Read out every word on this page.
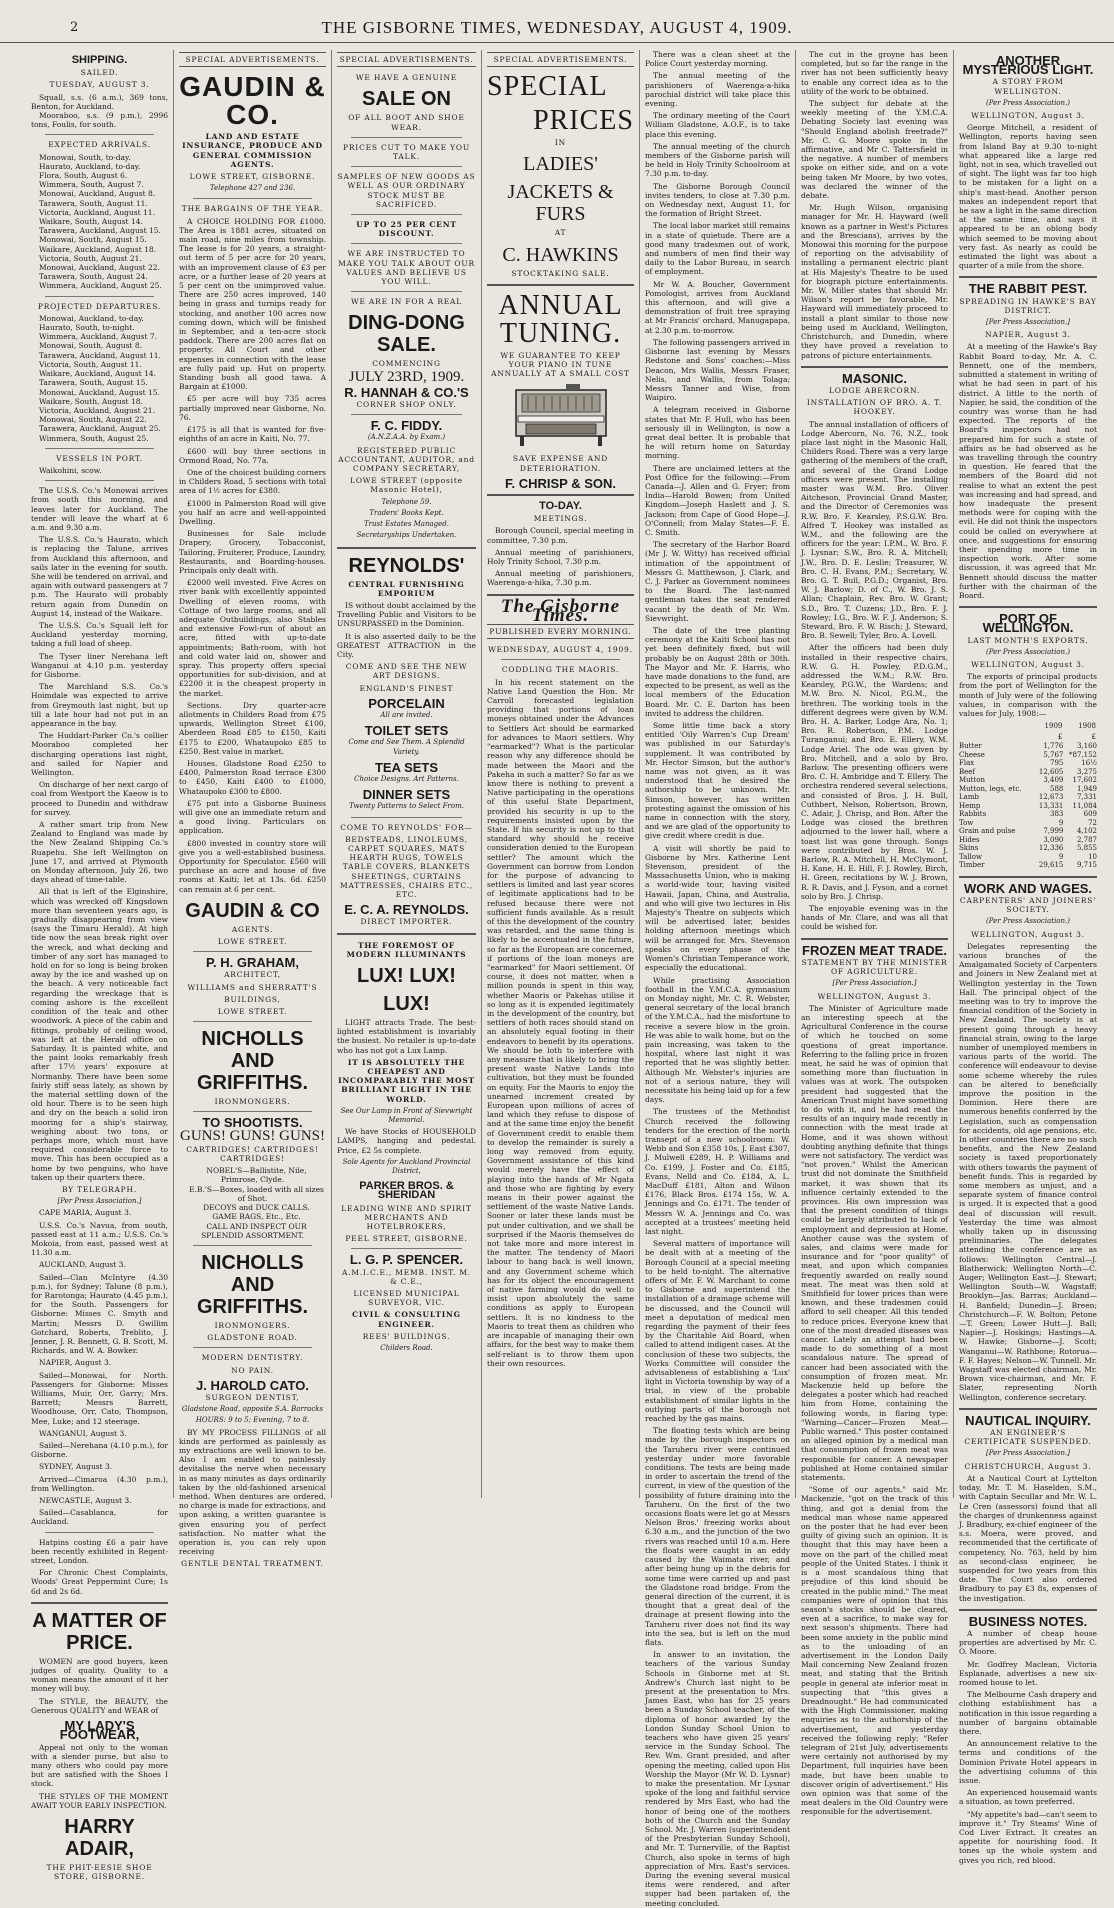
2	THE GISBORNE TIMES, WEDNESDAY, AUGUST 4, 1909.
SHIPPING.
SAILED.
TUESDAY, AUGUST 3.

Squall, s.s. (6 a.m.), 369 tons, Benton, for Auckland.

Mooraboo, s.s. (9 p.m.), 2996 tons, Foulis, for south.

EXPECTED ARRIVALS.

Monowai, South, to-day.

Haurato, Auckland, to-day.

Flora, South, August 6.

Wimmera, South, August 7.

Monowai, Auckland, August 8.

Tarawera, South, August 11.

Victoria, Auckland, August 11.

Waikare, South, August 14.

Tarawera, Auckland, August 15.

Monowai, South, August 15.

Waikare, Auckland, August 18.

Victoria, South, August 21.

Monowai, Auckland, August 22.

Tarawera, South, August 24.

Wimmera, Auckland, August 25.

PROJECTED DEPARTURES.

Monowai, Auckland, to-day.

Haurato, South, to-night.

Wimmera, Auckland, August 7.

Monowai, South, August 8.

Tarawera, Auckland, August 11.

Victoria, South, August 11.

Waikare, Auckland, August 14.

Tarawera, South, August 15.

Monowai, Auckland, August 15.

Waikare, South, August 18.

Victoria, Auckland, August 21.

Monowai, South, August 22.

Tarawera, Auckland, August 25.

Wimmera, South, August 25.

VESSELS IN PORT.

Waikohini, scow.

The U.S.S. Co.'s Monowai arrives from south this morning, and leaves later for Auckland. The tender will leave the wharf at 6 a.m. and 9.30 a.m.

The U.S.S. Co.'s Haurato, which is replacing the Talune, arrives from Auckland this afternoon, and sails later in the evening for south. She will be tendered on arrival, and again with outward passengers at 7 p.m. The Haurato will probably return again from Dunedin on August 14, instead of the Waikare.

The U.S.S. Co.'s Squall left for Auckland yesterday morning, taking a full load of sheep.

The Tyser liner Nerehana left Wanganui at 4.10 p.m. yesterday for Gisborne.

The Marchland S.S. Co.'s Hoimdale was expected to arrive from Greymouth last night, but up till a late hour had not put in an appearance in the bay.

The Huddart-Parker Co.'s collier Mooraboo completed her discharging operations last night, and sailed for Napier and Wellington.

On discharge of her next cargo of coal from Westport the Kaeow is to proceed to Dunedin and withdraw for survey.

A rather smart trip from New Zealand to England was made by the New Zealand Shipping Co.'s Ruapehu. She left Wellington on June 17, and arrived at Plymouth on Monday afternoon, July 26, two days ahead of time-table.

All that is left of the Elginshire, which was wrecked off Kingsdown more than seventeen years ago, is gradually disappearing from view (says the Timaru Herald). At high tide now the seas break right over the wreck, and what decking and timber of any sort has managed to hold on for so long is being broken away by the ice and washed up on the beach. A very noticeable fact regarding the wreckage that is coming ashore is the excellent condition of the teak and other woodwork. A piece of the cabin and fittings, probably of ceiling wood, was left at the Herald office on Saturday. It is painted white, and the paint looks remarkably fresh after 17½ years' exposure at Normanby. There have been some fairly stiff seas lately, as shown by the material settling down of the old hour. There is to be seen high and dry on the beach a solid iron mooring for a ship's stairway, weighing about two tons, or perhaps more, which must have required considerable force to move. This has been occupied as a home by two penguins, who have taken up their quarters there.

BY TELEGRAPH.
[Per Press Association.]

CAPE MARIA, August 3.

U.S.S. Co.'s Navua, from south, passed east at 11 a.m.; U.S.S. Co.'s Mokoia, from east, passed west at 11.30 a.m.

AUCKLAND, August 3.

Sailed—Clan McIntyre (4.30 p.m.), for Sydney; Talune (8 p.m.), for Rarotonga; Haurato (4.45 p.m.), for the South. Passengers for Gisborne: Misses C. Smyth and Martin; Messrs D. Gwillim Gotchard, Roberts, Treblito, J. Jenner, J. R. Bennett, G. B. Scott, M. Richards, and W. A. Bowker.

NAPIER, August 3.

Sailed—Monowai, for North. Passengers for Gisborne: Misses Williams, Muir, Orr, Garry; Mrs. Barrett; Messrs Barrett, Woodhouse, Orr, Cato, Thompson, Mee, Luke; and 12 steerage.

WANGANUI, August 3.

Sailed—Nerehana (4.10 p.m.), for Gisborne.

SYDNEY, August 3.

Arrived—Cimaroa (4.30 p.m.), from Wellington.

NEWCASTLE, August 3.

Sailed—Casablanca, for Auckland.

Hatpins costing £6 a pair have been recently exhibited in Regent-street, London.

For Chronic Chest Complaints, Woods' Great Peppermint Cure; 1s 6d and 2s 6d.

A MATTER OF PRICE.

WOMEN are good buyers, keen judges of quality. Quality to a woman means the amount of it her money will buy.

The STYLE, the BEAUTY, the Generous QUALITY and WEAR of

MY LADY'S FOOTWEAR,

Appeal not only to the woman with a slender purse, but also to many others who could pay more but are satisfied with the Shoes I stock.

THE STYLES OF THE MOMENT AWAIT YOUR EARLY INSPECTION.

HARRY ADAIR,
THE PHIT-EESIE SHOE STORE, GISBORNE.
SPECIAL ADVERTISEMENTS.
GAUDIN & CO.
LAND AND ESTATE INSURANCE, PRODUCE AND GENERAL COMMISSION AGENTS.
LOWE STREET, GISBORNE.
Telephone 427 and 236.
THE BARGAINS OF THE YEAR.

A CHOICE HOLDING FOR £1000. The Area is 1881 acres, situated on main road, nine miles from township. The lease is for 20 years, a straight-out term of 5 per acre for 20 years, with an improvement clause of £3 per acre, or a further lease of 20 years at 5 per cent on the unimproved value. There are 250 acres improved, 140 being in grass and turnips ready for stocking, and another 100 acres now coming down, which will be finished in September, and a ten-acre stock paddock. There are 200 acres flat on property. All Court and other expenses in connection with the lease are fully paid up. Hut on property. Standing bush all good tawa. A Bargain at £1000.

£5 per acre will buy 735 acres partially improved near Gisborne, No. 76.

£175 is all that is wanted for five-eighths of an acre in Kaiti, No. 77.

£600 will buy three sections in Ormond Road, No. 77a.

One of the choicest building corners in Childers Road, 5 sections with total area of 1½ acres for £380.

£1000 in Palmerston Road will give you half an acre and well-appointed Dwelling.

Businesses for Sale include Drapery, Grocery, Tobacconist, Tailoring, Fruiterer, Produce, Laundry, Restaurants, and Boarding-houses. Principals only dealt with.

£2000 well invested. Five Acres on river bank with excellently appointed Dwelling of eleven rooms, with Cottage of two large rooms, and all adequate Outbuildings, also Stables and extensive Fowl-run of about an acre, fitted with up-to-date appointments; Bath-room, with hot and cold water laid on, shower and spray. This property offers special opportunities for sub-division, and at £2200 it is the cheapest property in the market.

Sections. Dry quarter-acre allotments in Childers Road from £75 upwards, Wellington Street £100, Aberdeen Road £85 to £150, Kaiti £175 to £200, Whataupoko £85 to £250. Best value in market.

Houses. Gladstone Road £250 to £400, Palmerston Road terrace £300 to £450, Kaiti £400 to £1000, Whataupoko £300 to £800.

£75 put into a Gisborne Business will give one an immediate return and a good living. Particulars on application.

£800 invested in country store will give you a well-established business. Opportunity for Speculator. £560 will purchase an acre and house of five rooms at Kaiti; let at 13s. 6d. £250 can remain at 6 per cent.

GAUDIN & CO
AGENTS.
LOWE STREET.
P. H. GRAHAM,
ARCHITECT,
WILLIAMS and SHERRATT'S
BUILDINGS,
LOWE STREET.
NICHOLLS AND GRIFFITHS.
IRONMONGERS.
TO SHOOTISTS.
GUNS! GUNS! GUNS!
CARTRIDGES! CARTRIDGES! CARTRIDGES!

NOBEL'S—Ballistite, Nile, Primrose, Clyde.

E.B.'S—Boxes, loaded with all sizes of Shot.

DECOYS and DUCK CALLS.

GAME BAGS, Etc., Etc.

CALL AND INSPECT OUR SPLENDID ASSORTMENT.

NICHOLLS AND GRIFFITHS.
IRONMONGERS.
GLADSTONE ROAD.
MODERN DENTISTRY.
NO PAIN.
J. HAROLD CATO.
SURGEON DENTIST,
Gladstone Road, opposite S.A. Barracks
HOURS: 9 to 5; Evening, 7 to 8.

BY MY PROCESS FILLINGS of all kinds are performed as painlessly as my extractions are well known to be. Also I am enabled to painlessly devitalise the nerve when necessary in as many minutes as days ordinarily taken by the old-fashioned arsenical method. When dentures are ordered, no charge is made for extractions, and upon asking, a written guarantee is given ensuring you of perfect satisfaction. No matter what the operation is, you can rely upon receiving

GENTLE DENTAL TREATMENT.
SPECIAL ADVERTISEMENTS.
WE HAVE A GENUINE
SALE ON
OF ALL BOOT AND SHOE WEAR.
PRICES CUT TO MAKE YOU TALK.
SAMPLES OF NEW GOODS AS WELL AS OUR ORDINARY STOCK MUST BE SACRIFICED.
UP TO 25 PER CENT DISCOUNT.
WE ARE INSTRUCTED TO MAKE YOU TALK ABOUT OUR VALUES AND BELIEVE US YOU WILL.
WE ARE IN FOR A REAL
DING-DONG SALE.
COMMENCING
JULY 23RD, 1909.
R. HANNAH & CO.'S
CORNER SHOP ONLY.
F. C. FIDDY.
(A.N.Z.A.A. by Exam.)
REGISTERED PUBLIC ACCOUNTANT, AUDITOR, and COMPANY SECRETARY,
LOWE STREET (opposite Masonic Hotel),
Telephone 59.
Traders' Books Kept.
Trust Estates Managed.
Secretaryships Undertaken.
REYNOLDS'
CENTRAL FURNISHING EMPORIUM

IS without doubt acclaimed by the Travelling Public and Visitors to be UNSURPASSED in the Dominion.

It is also asserted daily to be the GREATEST ATTRACTION in the City.

COME AND SEE THE NEW ART DESIGNS.
ENGLAND'S FINEST
PORCELAIN
All are invited.
TOILET SETS
Come and See Them. A Splendid Variety.
TEA SETS
Choice Designs. Art Patterns.
DINNER SETS
Twenty Patterns to Select From.
COME TO REYNOLDS' FOR—
BEDSTEADS, LINOLEUMS, CARPET SQUARES, MATS HEARTH RUGS, TOWELS TABLE COVERS, BLANKETS SHEETINGS, CURTAINS MATTRESSES, CHAIRS ETC., ETC.
E. C. A. REYNOLDS.
DIRECT IMPORTER.
THE FOREMOST OF MODERN ILLUMINANTS
LUX! LUX!
LUX!

LIGHT attracts Trade. The best-lighted establishment is invariably the busiest. No retailer is up-to-date who has not got a Lux Lamp.

IT IS ABSOLUTELY THE CHEAPEST AND INCOMPARABLY THE MOST BRILLIANT LIGHT IN THE WORLD.
See Our Lamp in Front of Sievwright Memorial.

We have Stocks of HOUSEHOLD LAMPS, hanging and pedestal. Price, £2 5s complete.

Sole Agents for Auckland Provincial District,
PARKER BROS. & SHERIDAN
LEADING WINE AND SPIRIT MERCHANTS AND HOTELBROKERS,
PEEL STREET, GISBORNE.
L. G. P. SPENCER.
A.M.I.C.E., MEMB. INST. M. & C.E.,
LICENSED MUNICIPAL SURVEYOR, VIC.
CIVIL & CONSULTING ENGINEER.
REES' BUILDINGS.
Childers Road.
SPECIAL ADVERTISEMENTS.
SPECIAL
PRICES
IN
LADIES'
JACKETS & FURS
AT
C. HAWKINS
STOCKTAKING SALE.
ANNUAL TUNING.
WE GUARANTEE TO KEEP YOUR PIANO IN TUNE ANNUALLY AT A SMALL COST
SAVE EXPENSE AND DETERIORATION.
F. CHRISP & SON.
TO-DAY.
MEETINGS.

Borough Council, special meeting in committee, 7.30 p.m.

Annual meeting of parishioners, Holy Trinity School, 7.30 p.m.

Annual meeting of parishioners, Waerenga-a-hika, 7.30 p.m.

The Gisborne Times.
PUBLISHED EVERY MORNING.
WEDNESDAY, AUGUST 4, 1909.
CODDLING THE MAORIS.

In his recent statement on the Native Land Question the Hon. Mr Carroll forecasted legislation providing that portions of loan moneys obtained under the Advances to Settlers Act should be earmarked for advances to Maori settlers. Why "earmarked"? What is the particular reason why any difference should be made between the Maori and the Pakeha in such a matter? So far as we know there is nothing to prevent a Native participating in the operations of this useful State Department, provided his security is up to the requirements insisted upon by the State. If his security is not up to that standard why should he receive consideration denied to the European settler? The amount which the Government can borrow from London for the purpose of advancing to settlers is limited and last year scores of legitimate applications had to be refused because there were not sufficient funds available. As a result of this the development of the country was retarded, and the same thing is likely to be accentuated in the future, so far as the European are concerned, if portions of the loan moneys are "earmarked" for Maori settlement. Of course, it does not matter, when a million pounds is spent in this way, whether Maoris or Pakehas utilise it so long as it is expended legitimately in the development of the country, but settlers of both races should stand on an absolutely equal footing in their endeavors to benefit by its operations. We should be loth to interfere with any measure that is likely to bring the present waste Native Lands into cultivation, but they must be founded on equity. For the Maoris to enjoy the unearned increment created by European upon millions of acres of land which they refuse to dispose of and at the same time enjoy the benefit of Government credit to enable them to develop the remainder is surely a long way removed from equity. Government assistance of this kind would merely have the effect of playing into the hands of Mr Ngata and those who are fighting by every means in their power against the settlement of the waste Native Lands. Sooner or later these lands must be put under cultivation, and we shall be surprised if the Maoris themselves do not take more and more interest in the matter. The tendency of Maori labour to hang back is well known, and any Government scheme which has for its object the encouragement of native farming would do well to insist upon absolutely the same conditions as apply to European settlers. It is no kindness to the Maoris to treat them as children who are incapable of managing their own affairs, for the best way to make them self-reliant is to throw them upon their own resources.

There was a clean sheet at the Police Court yesterday morning.

The annual meeting of the parishioners of Waerenga-a-hika parochial district will take place this evening.

The ordinary meeting of the Court William Gladstone, A.O.F., is to take place this evening.

The annual meeting of the church members of the Gisborne parish will be held in Holy Trinity Schoolroom at 7.30 p.m. to-day.

The Gisborne Borough Council invites tenders, to close at 7.30 p.m. on Wednesday next, August 11, for the formation of Bright Street.

The local labor market still remains in a state of quietude. There are a good many tradesmen out of work, and numbers of men find their way daily to the Labor Bureau, in search of employment.

Mr W. A. Boucher, Government Pomologist, arrives from Auckland this afternoon, and will give a demonstration of fruit tree spraying at Mr Francis' orchard, Manugapapa, at 2.30 p.m. to-morrow.

The following passengers arrived in Gisborne last evening by Messrs Redstone and Sons' coaches:—Miss Deacon, Mrs Wallis, Messrs Fraser, Nelis, and Wallis, from Tolaga; Messrs Tanner and Wise, from Waipiro.

A telegram received in Gisborne states that Mr. F. Hull, who has been seriously ill in Wellington, is now a great deal better. It is probable that he will return home on Saturday morning.

There are unclaimed letters at the Post Office for the following:—From Canada—J. Allen and G. Fryer; from India—Harold Bowen; from United Kingdom—Joseph Haslett and J. S. Jackson; from Cape of Good Hope—J. O'Connell; from Malay States—F. E. C. Smith.

The secretary of the Harbor Board (Mr J. W. Witty) has received official intimation of the appointment of Messrs G. Matthewson, J. Clark, and C. J. Parker as Government nominees to the Board. The last-named gentleman takes the seat rendered vacant by the death of Mr. Wm. Sievwright.

The date of the tree planting ceremony at the Kaiti School has not yet been definitely fixed, but will probably be on August 28th or 30th. The Mayor and Mr. F. Harris, who have made donations to the fund, are expected to be present, as well as the local members of the Education Board. Mr. C. E. Darton has been invited to address the children.

Some little time back a story entitled 'Oily Warren's Cup Dream' was published in our Saturday's supplement. It was contributed by Mr. Hector Simson, but the author's name was not given, as it was understood that he desired the authorship to be unknown. Mr. Simson, however, has written protesting against the omission of his name in connection with the story, and we are glad of the opportunity to give credit where credit is due.

A visit will shortly be paid to Gisborne by Mrs. Katherine Lent Stevenson, president of the Massachusetts Union, who is making a world-wide tour, having visited Hawaii, Japan, China, and Australia, and who will give two lectures in His Majesty's Theatre on subjects which will be advertised later, besides holding afternoon meetings which will be arranged for. Mrs. Stevenson speaks on every phase of the Women's Christian Temperance work, especially the educational.

While practising Association football in the Y.M.C.A. gymnasium on Monday night, Mr. C. R. Webster, general secretary of the local branch of the Y.M.C.A., had the misfortune to receive a severe blow in the groin. He was able to walk home, but on the pain increasing, was taken to the hospital, where last night it was reported that he was slightly better. Although Mr. Webster's injuries are not of a serious nature, they will necessitate his being laid up for a few days.

The trustees of the Methodist Church received the following tenders for the erection of the north transept of a new schoolroom: W. Webb and Son £358 10s, J. East £307, J. Mulwell £289, H. P. Williams and Co. £199, J. Foster and Co. £185, Evans, Nelld and Co. £184, A. L. MacDuff £181, Alton and Wilson £176, Black Bros. £174 15s, W. A. Jennings and Co. £171. The tender of Messrs W. A. Jennings and Co. was accepted at a trustees' meeting held last night.

Several matters of importance will be dealt with at a meeting of the Borough Council at a special meeting to be held to-night. The alternative offers of Mr. F. W. Marchant to come to Gisborne and superintend the installation of a drainage scheme will be discussed, and the Council will meet a deputation of medical men regarding the payment of their fees by the Charitable Aid Board, when called to attend indigent cases. At the conclusion of these two subjects, the Works Committee will consider the advisableness of establishing a 'Lux' light in Victoria township by way of a trial, in view of the probable establishment of similar lights in the outlying parts of the borough not reached by the gas mains.

The floating tests which are being made by the borough inspectors on the Taruheru river were continued yesterday under more favorable conditions. The tests are being made in order to ascertain the trend of the current, in view of the question of the possibility of future draining into the Taruheru. On the first of the two occasions floats were let go at Messrs Nelson Bros.' freezing works about 6.30 a.m., and the junction of the two rivers was reached until 10 a.m. Here the floats were caught in an eddy caused by the Waimata river, and after being hung up in the debris for some time were carried up and past the Gladstone road bridge. From the general direction of the current, it is thought that a great deal of the drainage at present flowing into the Taruheru river does not find its way into the sea, but is left on the mud flats.

In answer to an invitation, the teachers of the various Sunday Schools in Gisborne met at St. Andrew's Church last night to be present at the presentation to Mrs. James East, who has for 25 years been a Sunday School teacher, of the diploma of honor awarded by the London Sunday School Union to teachers who have given 25 years' service in the Sunday School. The Rev. Wm. Grant presided, and after opening the meeting, called upon His Worship the Mayor (Mr W. D. Lysnar) to make the presentation. Mr Lysnar spoke of the long and faithful service rendered by Mrs East, who had the honor of being one of the mothers both of the Church and the Sunday School. Mr. J. Warren (superintendent of the Presbyterian Sunday School), and Mr. T. Turnerville, of the Baptist Church, also spoke in terms of high appreciation of Mrs. East's services. During the evening several musical items were rendered, and after supper had been partaken of, the meeting concluded.

The cut in the groyne has been completed, but so far the range in the river has not been sufficiently heavy to enable any correct idea as to the utility of the work to be obtained.

The subject for debate at the weekly meeting of the Y.M.C.A. Debating Society last evening was "Should England abolish freetrade?" Mr. C. G. Moore spoke in the affirmative, and Mr C. Tattersfield in the negative. A number of members spoke on either side, and on a vote being taken Mr Moore, by two votes, was declared the winner of the debate.

Mr. Hugh Wilson, organising manager for Mr. H. Hayward (well known as a partner in West's Pictures and the Brescians), arrives by the Monowai this morning for the purpose of reporting on the advisability of installing a permanent electric plant at His Majesty's Theatre to be used for biograph picture entertainments. Mr. W. Miller states that should Mr. Wilson's report be favorable, Mr. Hayward will immediately proceed to install a plant similar to those now being used in Auckland, Wellington, Christchurch, and Dunedin, where they have proved a revelation to patrons of picture entertainments.

MASONIC.
LODGE ABERCORN.
INSTALLATION OF BRO. A. T. HOOKEY.

The annual installation of officers of Lodge Abercorn, No. 76, N.Z., took place last night in the Masonic Hall, Childers Road. There was a very large gathering of the members of the craft, and several of the Grand Lodge officers were present. The installing master was W.M. Bro. Oliver Aitcheson, Provincial Grand Master, and the Director of Ceremonies was R.W. Bro. F. Kearsley, P.S.G.W. Bro. Alfred T. Hookey was installed as W.M., and the following are the officers for the year: I.P.M., W. Bro. F. J. Lysnar; S.W., Bro. R. A. Mitchell; J.W., Bro. D. E. Leslie; Treasurer, W. Bro. C. H. Evans, P.M.; Secretary, W. Bro. G. T. Bull, P.G.D.; Organist, Bro. W. J. Barlow; D. of C., W. Bro. J. S. Allan; Chaplain, Rev. Bro. W. Grant; S.D., Bro. T. Cuzens; J.D., Bro. F. J. Rowley; I.G., Bro. W. F. J. Anderson; S. Steward, Bro. F. W. Risch; J. Steward, Bro. B. Sewell; Tyler, Bro. A. Lovell.

After the officers had been duly installed in their respective chairs, R.W. G. H. Powley, P.D.G.M., addressed the W.M.; R.W. Bro. Kearsley, P.G.W., the Wardens; and M.W. Bro. N. Nicol, P.G.M., the brethren. The working tools in the different degrees were given by W.M. Bro. H. A. Barker, Lodge Ara, No. 1; Bro. R. Robertson, P.M. Lodge Turanganui; and Bro. E. Ellery, W.M. Lodge Ariel. The ode was given by Bro. Mitchell, and a solo by Bro. Barlow. The presenting officers were Bro. C. H. Ambridge and T. Ellery. The orchestra rendered several selections, and consisted of Bros. J. H. Bull, Cuthbert, Nelson, Robertson, Brown, C. Adair, J. Chrisp, and Bon. After the Lodge was closed the brethren adjourned to the lower hall, where a toast list was gone through. Songs were contributed by Bros. W. J. Barlow, R. A. Mitchell, H. McClymont, H. Kane, H. E. Hill, F. J. Rowley, Birch, H. Green, recitations by W. J. Brown, R. R. Davis, and J. Fyson, and a cornet solo by Bro. J. Chrisp.

The enjoyable evening was in the hands of Mr. Clare, and was all that could be wished for.

FROZEN MEAT TRADE.
STATEMENT BY THE MINISTER OF AGRICULTURE.
[Per Press Association.]
WELLINGTON, August 3.

The Minister of Agriculture made an interesting speech at the Agricultural Conference in the course of which he touched on some questions of great importance. Referring to the falling price in frozen meat, he said he was of opinion that something more than fluctuation in values was at work. The outspoken president had suggested that the American Trust might have something to do with it, and he had read the results of an inquiry made recently in connection with the meat trade at Home, and it was shown without doubting anything definite that things were not satisfactory. The verdict was "not proven." Whilst the American trust did not dominate the Smithfield market, it was shown that its influence certainly extended to the provinces. His own impression was that the present condition of things could be largely attributed to lack of employment and depression at Home. Another cause was the system of sales, and claims were made for insurance and for "poor quality" of meat, and upon which companies frequently awarded on really sound meat. The meat was then sold at Smithfield for lower prices than were known, and these tradesmen could afford to sell cheaper. All this tended to reduce prices. Everyone knew that one of the most dreaded diseases was cancer. Lately an attempt had been made to do something of a most scandalous nature. The spread of cancer had been associated with the consumption of frozen meat. Mr. Mackenzie held up before the delegates a poster which had reached him from Home, containing the following words, in flaring type: "Warning—Cancer—Frozen Meat—Public warned." This poster contained an alleged opinion by a medical man that consumption of frozen meat was responsible for cancer. A newspaper published at Home contained similar statements.

"Some of our agents," said Mr. Mackenzie, "got on the track of this thing, and got a denial from the medical man whose name appeared on the poster that he had ever been guilty of giving such an opinion. It is thought that this may have been a move on the part of the chilled meat people of the United States. I think it is a most scandalous thing that prejudice of this kind should be created in the public mind." The meat companies were of opinion that this season's stocks should be cleared, even at a sacrifice, to make way for next season's shipments. There had been some anxiety in the public mind as to the unloading of an advertisement in the London Daily Mail concerning New Zealand frozen meat, and stating that the British people in general ate inferior meat in suspecting that "this gives a Dreadnought." He had communicated with the High Commissioner, making enquiries as to the authorship of the advertisement, and yesterday received the following reply: "Refer telegram of 21st July, advertisements were certainly not authorised by my Department, full inquiries have been made, but have been unable to discover origin of advertisement." His own opinion was that some of the meat dealers in the Old Country were responsible for the advertisement.

ANOTHER MYSTERIOUS LIGHT.
A STORY FROM WELLINGTON.
(Per Press Association.)
WELLINGTON, August 3.

George Mitchell, a resident of Wellington, reports having seen from Island Bay at 9.30 to-night what appeared like a large red light, not in sea, which travelled out of sight. The light was far too high to be mistaken for a light on a ship's mast-head. Another person makes an independent report that he saw a light in the same direction at the same time, and says it appeared to be an oblong body which seemed to be moving about very fast. As nearly as could be estimated the light was about a quarter of a mile from the shore.

THE RABBIT PEST.
SPREADING IN HAWKE'S BAY DISTRICT.
[Per Press Association.]
NAPIER, August 3.

At a meeting of the Hawke's Bay Rabbit Board to-day, Mr. A. C. Bennett, one of the members, submitted a statement in writing of what he had seen in part of his district. A little to the north of Napier, he said, the condition of the country was worse than he had expected. The reports of the Board's inspectors had not prepared him for such a state of affairs as he had observed as he was travelling through the country in question. He feared that the members of the Board did not realise to what an extent the pest was increasing and had spread, and how inadequate the present methods were for coping with the evil. He did not think the inspectors could be called on everywhere at once, and suggestions for ensuring their spending more time in inspection work. After some discussion, it was agreed that Mr. Bennett should discuss the matter further with the chairman of the Board.

PORT OF WELLINGTON.
LAST MONTH'S EXPORTS.
(Per Press Association.)
WELLINGTON, August 3.

The exports of principal products from the port of Wellington for the month of July were of the following values, in comparison with the values for July, 1908:—

	1909	1908
	£	£
Butter	1,776	3,160
Cheese	5,767	*87,152
Flax	795	16½
Beef	12,605	3,275
Mutton	3,409	17,602
Mutton, legs, etc.	588	1,949
Lamb	12,673	7,331
Hemp	13,331	11,084
Rabbits	383	609
Tow	9	72
Grain and pulse	7,999	4,102
Hides	3,090	2,787
Skins	12,336	5,855
Tallow	9	10
Timber	29,615	9,715
WORK AND WAGES.
CARPENTERS' AND JOINERS' SOCIETY.
(Per Press Association.)
WELLINGTON, August 3.

Delegates representing the various branches of the Amalgamated Society of Carpenters and Joiners in New Zealand met at Wellington yesterday in the Town Hall. The principal object of the meeting was to try to improve the financial condition of the Society in New Zealand. The society is at present going through a heavy financial strain, owing to the large number of unemployed members in various parts of the world. The conference will endeavour to devise some scheme whereby the rules can be altered to beneficially improve the position in the Dominion. Here there are numerous benefits conferred by the Legislation, such as compensation for accidents, old age pensions, etc. In other countries there are no such benefits, and the New Zealand society is taxed proportionately with others towards the payment of benefit funds. This is regarded by some members as unjust, and a separate system of finance control is urged. It is expected that a good deal of discussion will result. Yesterday the time was almost wholly taken up in discussing preliminaries. The delegates attending the conference are as follows: Wellington Central—J. Blatherwick; Wellington North—C. Auger; Wellington East—J. Stewart; Wellington South—W. Wagstaff; Brooklyn—Jas. Barras; Auckland—H. Banfield; Dunedin—J. Breen; Christchurch—F. W. Bolton; Petone—T. Green; Lower Hutt—J. Ball; Napier—J. Hoskings; Hastings—A. W. Hawke; Gisborne—J. Scott; Wanganui—W. Rathbone; Rotorua—F. F. Hayes; Nelson—W. Tunnell. Mr. Wagstaff was elected chairman, Mr. Brown vice-chairman, and Mr. F. Slater, representing North Wellington, conference secretary.

NAUTICAL INQUIRY.
AN ENGINEER'S CERTIFICATE SUSPENDED.
[Per Press Association.]
CHRISTCHURCH, August 3.

At a Nautical Court at Lyttelton today, Mr. T. M. Haselden, S.M., with Captain Secullar and Mr. W. L. Le Cren (assessors) found that all the charges of drunkenness against J. Bradbury, ex-chief engineer of the s.s. Moera, were proved, and recommended that the certificate of competency, No. 763, held by him as second-class engineer, be suspended for two years from this date. The Court also ordered Bradbury to pay £3 8s, expenses of the investigation.

BUSINESS NOTES.

A number of cheap house properties are advertised by Mr. C. O. Moore.

Mr. Godfrey Maclean, Victoria Esplanade, advertises a new six-roomed house to let.

The Melbourne Cash drapery and clothing establishment has a notification in this issue regarding a number of bargains obtainable there.

An announcement relative to the terms and conditions of the Dominion Private Hotel appears in the advertising columns of this issue.

An experienced housemaid wants a situation, as town preferred.

"My appetite's bad—can't seem to improve it." Try Steams' Wine of Cod Liver Extract. It creates an appetite for nourishing food. It tones up the whole system and gives you rich, red blood.
